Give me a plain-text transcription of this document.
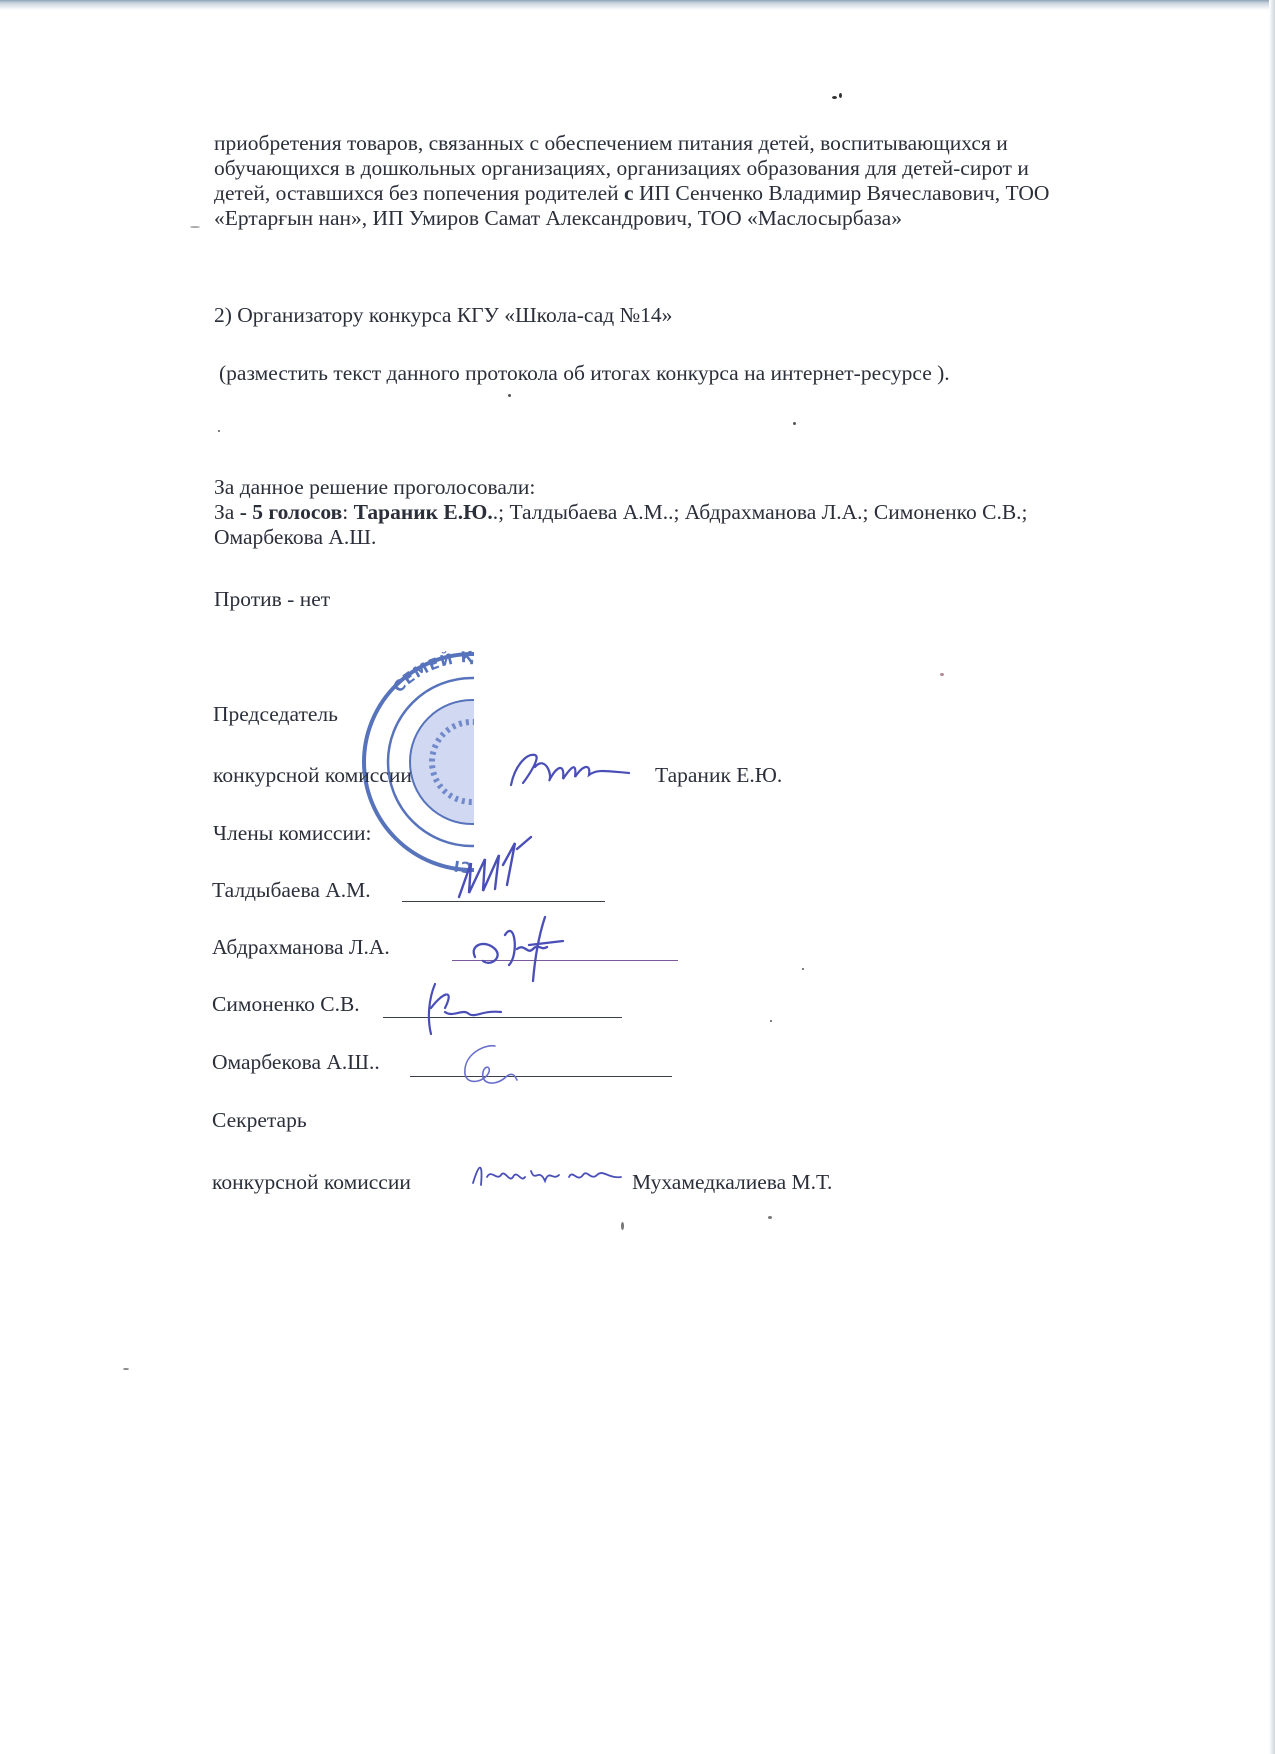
приобретения товаров, связанных с обеспечением питания детей, воспитывающихся и
обучающихся в дошкольных организациях, организациях образования для детей-сирот и
детей, оставшихся без попечения родителей с ИП Сенченко Владимир Вячеславович, ТОО
«Ертарғын нан», ИП Умиров Самат Александрович, ТОО «Маслосырбаза»
2) Организатору конкурса КГУ «Школа-сад №14»
(разместить текст данного протокола об итогах конкурса на интернет-ресурсе ).
За данное решение проголосовали:
За - 5 голосов: Тараник Е.Ю..; Талдыбаева А.М..; Абдрахманова Л.А.; Симоненко С.В.;
Омарбекова А.Ш.
Против - нет
СЕМЕЙ ҚАЛАСЫ МЕКТЕП-БАҚША МЕКЕМЕСІ
Председатель
конкурсной комиссии	Тараник Е.Ю.
Члены комиссии:
Талдыбаева А.М.
Абдрахманова Л.А.
Симоненко С.В.
Омарбекова А.Ш..
Секретарь
конкурсной комиссии	Мухамедкалиева М.Т.
